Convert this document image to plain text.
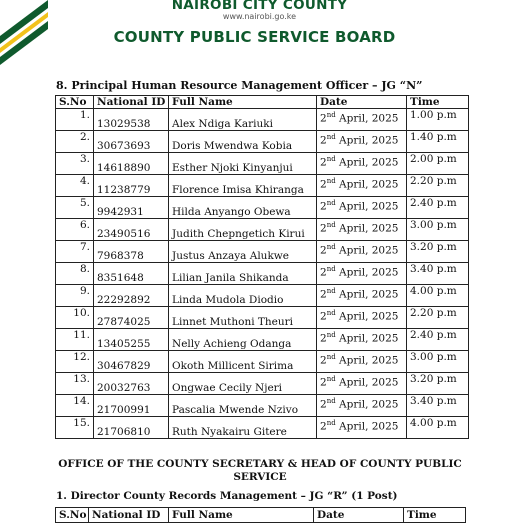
NAIROBI CITY COUNTY
www.nairobi.go.ke
COUNTY PUBLIC SERVICE BOARD
8. Principal Human Resource Management Officer – JG “N”
S.No	National ID	Full Name	Date	Time
1.	13029538	Alex Ndiga Kariuki	2nd April, 2025	1.00 p.m
2.	30673693	Doris Mwendwa Kobia	2nd April, 2025	1.40 p.m
3.	14618890	Esther Njoki Kinyanjui	2nd April, 2025	2.00 p.m
4.	11238779	Florence Imisa Khiranga	2nd April, 2025	2.20 p.m
5.	9942931	Hilda Anyango Obewa	2nd April, 2025	2.40 p.m
6.	23490516	Judith Chepngetich Kirui	2nd April, 2025	3.00 p.m
7.	7968378	Justus Anzaya Alukwe	2nd April, 2025	3.20 p.m
8.	8351648	Lilian Janila Shikanda	2nd April, 2025	3.40 p.m
9.	22292892	Linda Mudola Diodio	2nd April, 2025	4.00 p.m
10.	27874025	Linnet Muthoni Theuri	2nd April, 2025	2.20 p.m
11.	13405255	Nelly Achieng Odanga	2nd April, 2025	2.40 p.m
12.	30467829	Okoth Millicent Sirima	2nd April, 2025	3.00 p.m
13.	20032763	Ongwae Cecily Njeri	2nd April, 2025	3.20 p.m
14.	21700991	Pascalia Mwende Nzivo	2nd April, 2025	3.40 p.m
15.	21706810	Ruth Nyakairu Gitere	2nd April, 2025	4.00 p.m
OFFICE OF THE COUNTY SECRETARY & HEAD OF COUNTY PUBLIC
SERVICE
1. Director County Records Management – JG “R” (1 Post)
S.No	National ID	Full Name	Date	Time
